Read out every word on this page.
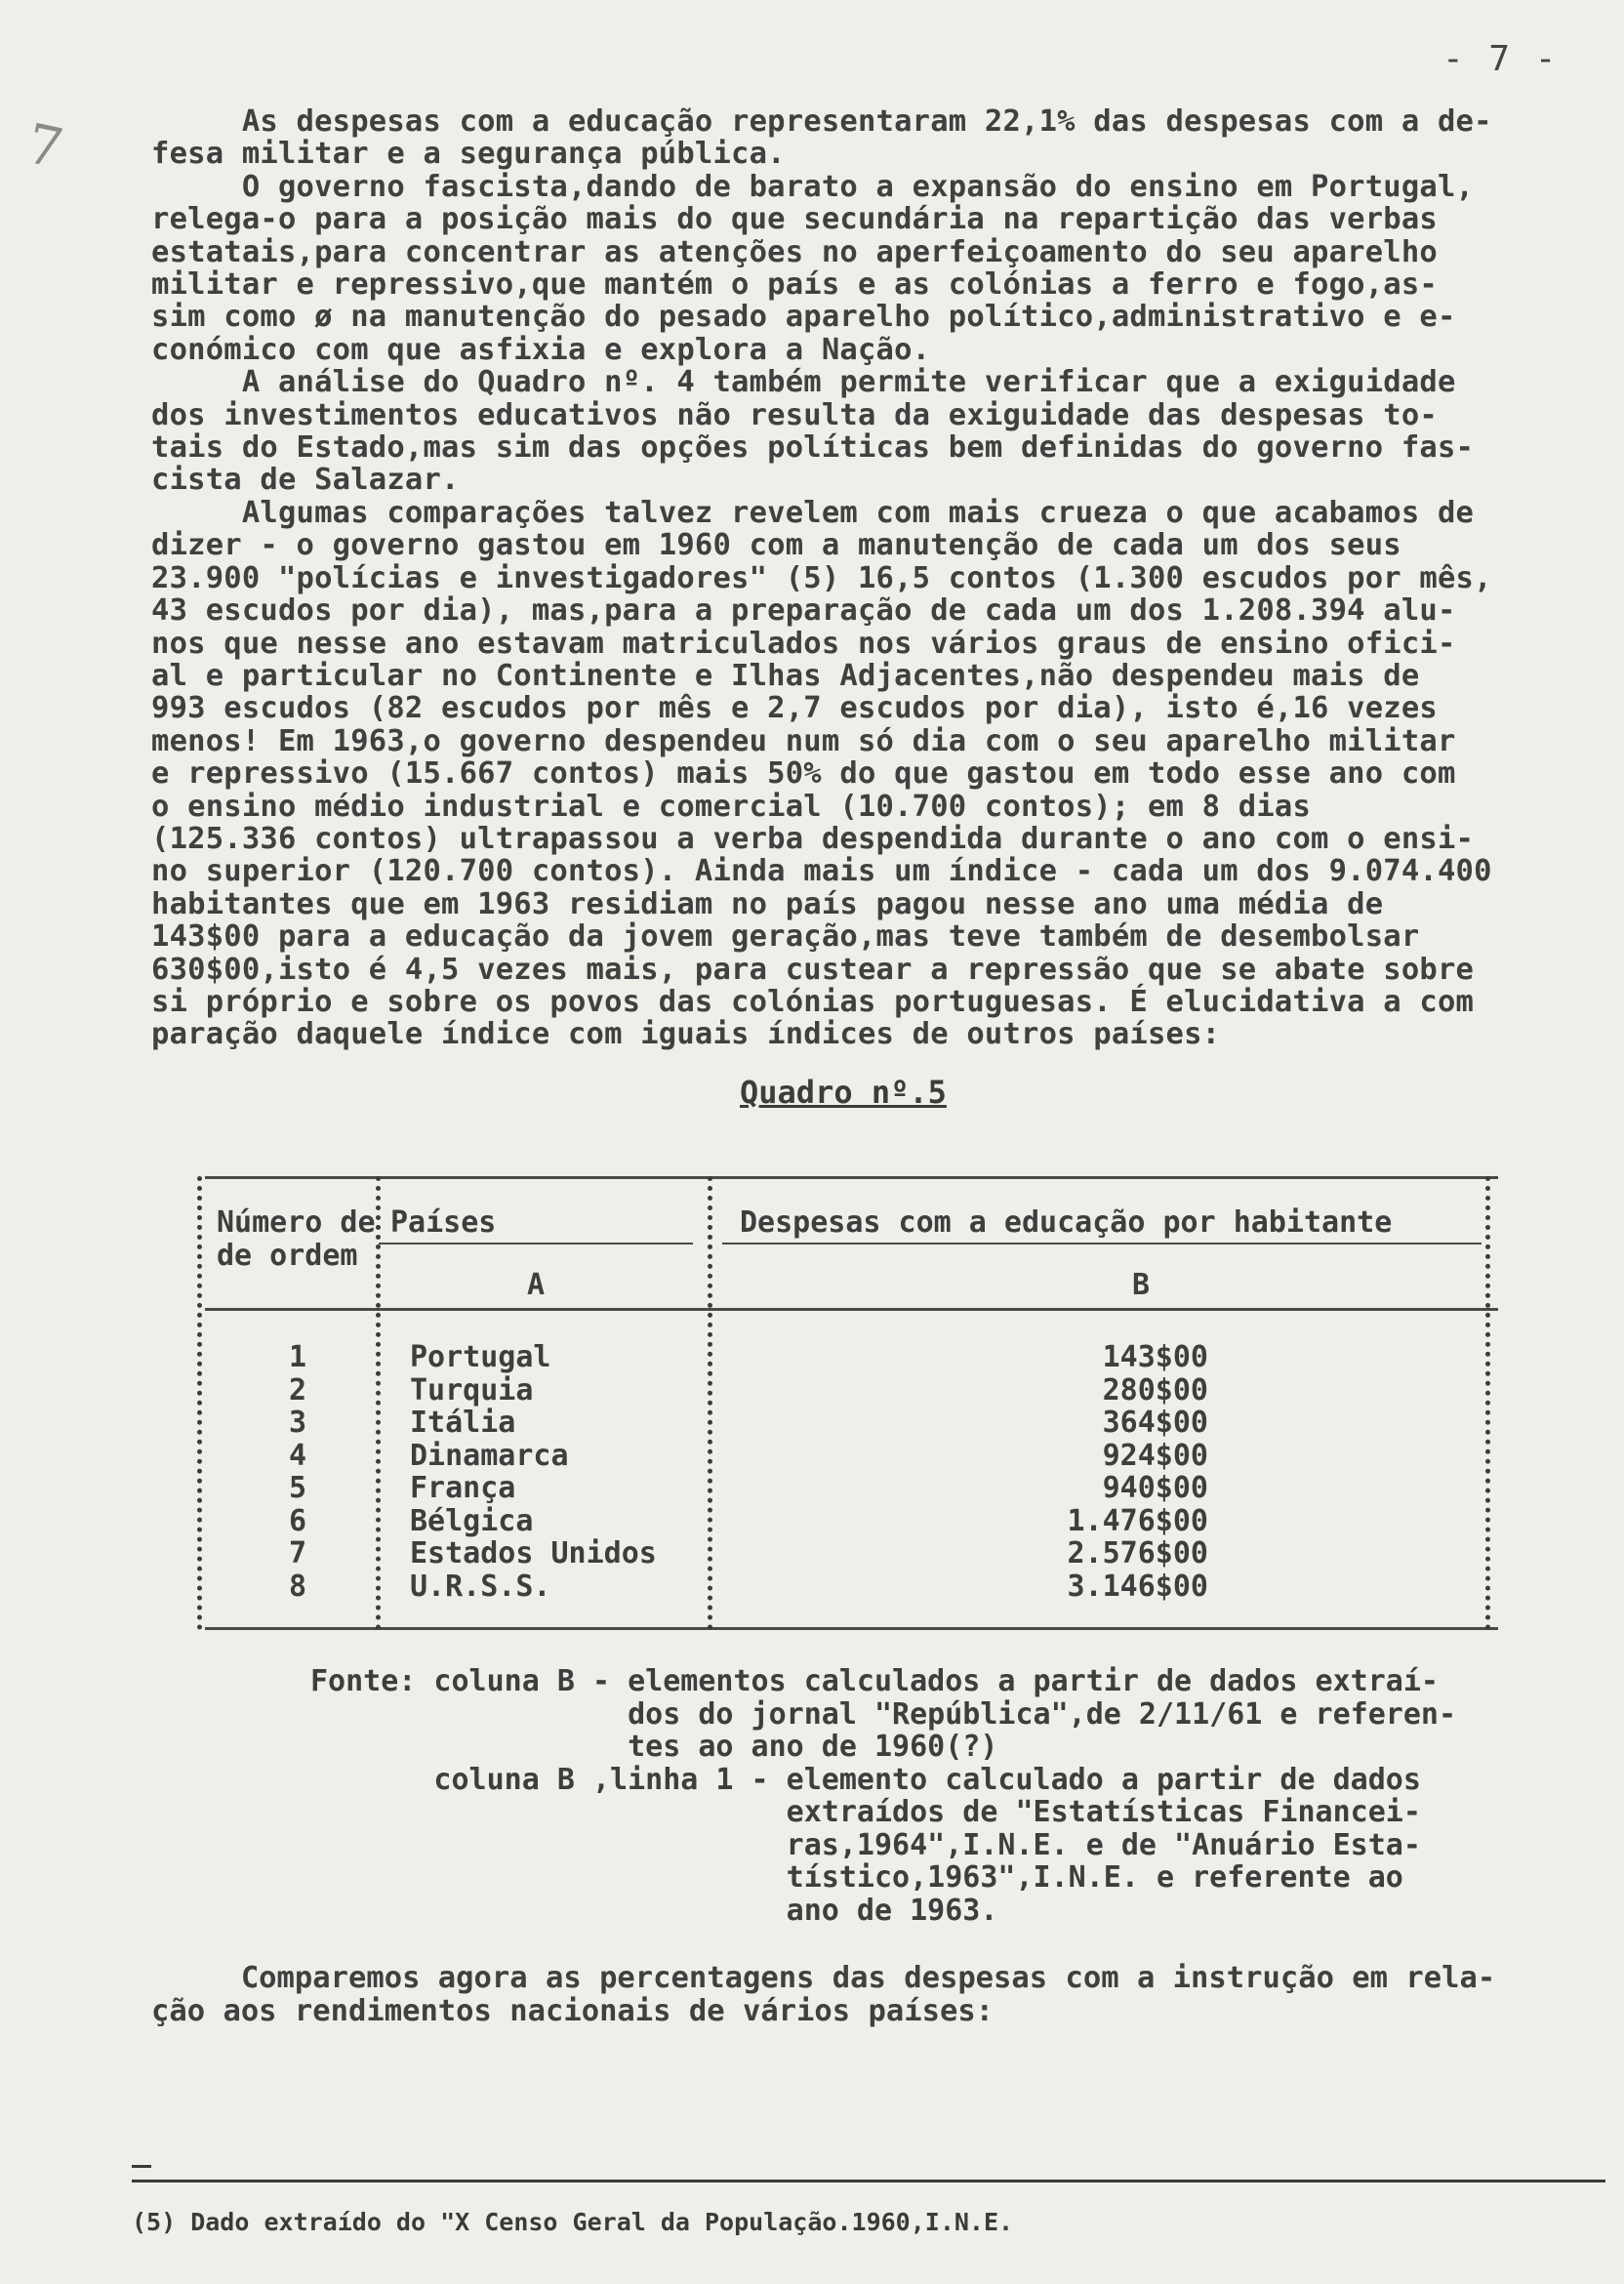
- 7 -
7	As despesas com a educação representaram 22,1% das despesas com a de-
fesa militar e a segurança pública.
O governo fascista,dando de barato a expansão do ensino em Portugal,
relega-o para a posição mais do que secundária na repartição das verbas
estatais,para concentrar as atenções no aperfeiçoamento do seu aparelho
militar e repressivo,que mantém o país e as colónias a ferro e fogo,as-
sim como ø na manutenção do pesado aparelho político,administrativo e e-
conómico com que asfixia e explora a Nação.
A análise do Quadro nº. 4 também permite verificar que a exiguidade
dos investimentos educativos não resulta da exiguidade das despesas to-
tais do Estado,mas sim das opções políticas bem definidas do governo fas-
cista de Salazar.
Algumas comparações talvez revelem com mais crueza o que acabamos de
dizer - o governo gastou em 1960 com a manutenção de cada um dos seus
23.900 "polícias e investigadores" (5) 16,5 contos (1.300 escudos por mês,
43 escudos por dia), mas,para a preparação de cada um dos 1.208.394 alu-
nos que nesse ano estavam matriculados nos vários graus de ensino ofici-
al e particular no Continente e Ilhas Adjacentes,não despendeu mais de
993 escudos (82 escudos por mês e 2,7 escudos por dia), isto é,16 vezes
menos! Em 1963,o governo despendeu num só dia com o seu aparelho militar
e repressivo (15.667 contos) mais 50% do que gastou em todo esse ano com
o ensino médio industrial e comercial (10.700 contos); em 8 dias
(125.336 contos) ultrapassou a verba despendida durante o ano com o ensi-
no superior (120.700 contos). Ainda mais um índice - cada um dos 9.074.400
habitantes que em 1963 residiam no país pagou nesse ano uma média de
143$00 para a educação da jovem geração,mas teve também de desembolsar
630$00,isto é 4,5 vezes mais, para custear a repressão que se abate sobre
si próprio e sobre os povos das colónias portuguesas. É elucidativa a com
paração daquele índice com iguais índices de outros países:
Quadro nº.5
Número de
de ordem
Países	Despesas com a educação por habitante
A	B
1	Portugal	143$00
2	Turquia	280$00
3	Itália	364$00
4	Dinamarca	924$00
5	França	940$00
6	Bélgica	1.476$00
7	Estados Unidos	2.576$00
8	U.R.S.S.	3.146$00
Fonte: coluna B - elementos calculados a partir de dados extraí-
dos do jornal "República",de 2/11/61 e referen-
tes ao ano de 1960(?)
coluna B ,linha 1 - elemento calculado a partir de dados
extraídos de "Estatísticas Financei-
ras,1964",I.N.E. e de "Anuário Esta-
tístico,1963",I.N.E. e referente ao
ano de 1963.
Comparemos agora as percentagens das despesas com a instrução em rela-
ção aos rendimentos nacionais de vários países:
(5) Dado extraído do "X Censo Geral da População.1960,I.N.E.
